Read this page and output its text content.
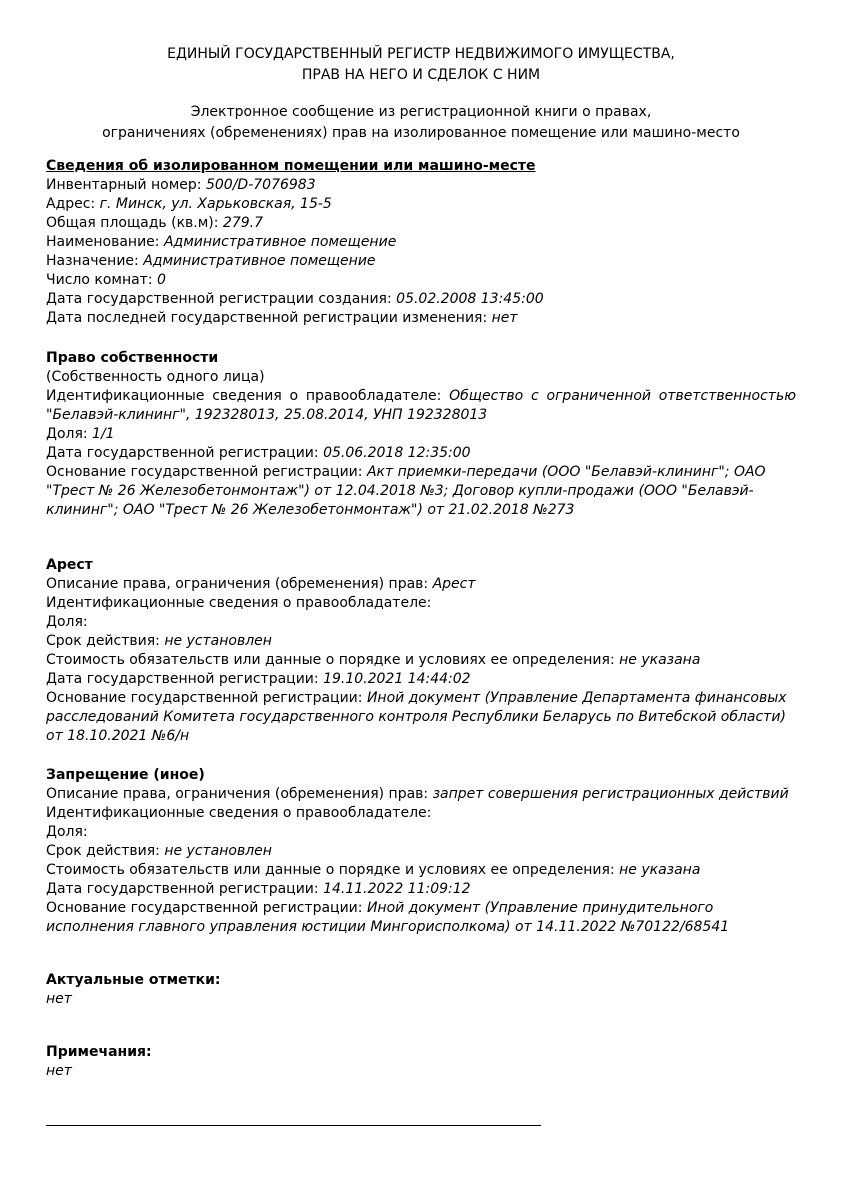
ЕДИНЫЙ ГОСУДАРСТВЕННЫЙ РЕГИСТР НЕДВИЖИМОГО ИМУЩЕСТВА,
ПРАВ НА НЕГО И СДЕЛОК С НИМ
Электронное сообщение из регистрационной книги о правах,
ограничениях (обременениях) прав на изолированное помещение или машино-место
Сведения об изолированном помещении или машино-месте
Инвентарный номер: 500/D-7076983
Адрес: г. Минск, ул. Харьковская, 15-5
Общая площадь (кв.м): 279.7
Наименование: Административное помещение
Назначение: Административное помещение
Число комнат: 0
Дата государственной регистрации создания: 05.02.2008 13:45:00
Дата последней государственной регистрации изменения: нет
Право собственности
(Собственность одного лица)
Идентификационные сведения о правообладателе: Общество с ограниченной ответственностью "Белавэй-клининг", 192328013, 25.08.2014, УНП 192328013
Доля: 1/1
Дата государственной регистрации: 05.06.2018 12:35:00
Основание государственной регистрации: Акт приемки-передачи (ООО "Белавэй-клининг"; ОАО "Трест № 26 Железобетонмонтаж") от 12.04.2018 №3; Договор купли-продажи (ООО "Белавэй-клининг"; ОАО "Трест № 26 Железобетонмонтаж") от 21.02.2018 №273
Арест
Описание права, ограничения (обременения) прав: Арест
Идентификационные сведения о правообладателе:
Доля:
Срок действия: не установлен
Стоимость обязательств или данные о порядке и условиях ее определения: не указана
Дата государственной регистрации: 19.10.2021 14:44:02
Основание государственной регистрации: Иной документ (Управление Департамента финансовых расследований Комитета государственного контроля Республики Беларусь по Витебской области) от 18.10.2021 №6/н
Запрещение (иное)
Описание права, ограничения (обременения) прав: запрет совершения регистрационных действий
Идентификационные сведения о правообладателе:
Доля:
Срок действия: не установлен
Стоимость обязательств или данные о порядке и условиях ее определения: не указана
Дата государственной регистрации: 14.11.2022 11:09:12
Основание государственной регистрации: Иной документ (Управление принудительного исполнения главного управления юстиции Мингорисполкома) от 14.11.2022 №70122/68541
Актуальные отметки:
нет
Примечания:
нет
